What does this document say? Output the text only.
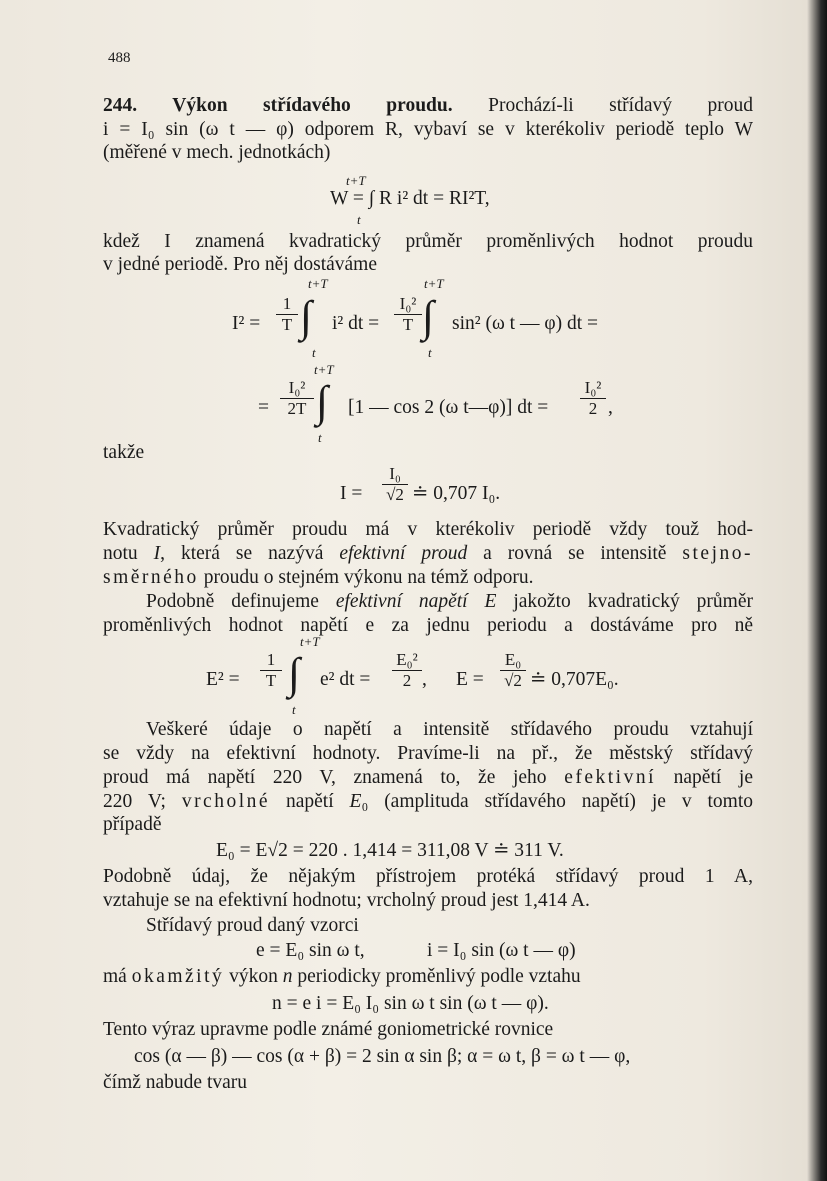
488
244. Výkon střídavého proudu. Prochází-li střídavý proud
i = I₀ sin (ω t — φ) odporem R, vybaví se v kterékoliv periodě teplo W
(měřené v mech. jednotkách)
t+T
W = ∫ R i² dt = RI²T,
t
kdež I znamená kvadratický průměr proměnlivých hodnot proudu
v jedné periodě. Pro něj dostáváme
t+T	t+T
$I^2 = \frac{1}{T}$ ∫ i² dt = $\frac{\text{I₀²}}{T}$ ∫ sin² (ω t — φ) dt =
t	t
t+T
= $\frac{\text{I₀²}}{2T}$ ∫ [1 — cos 2 (ω t—φ)] dt = $\frac{\text{I₀²}}{2}$ ,
t
takže
$I = \frac{\text{I₀}}{√2}$ ≐ 0,707 I₀.
Kvadratický průměr proudu má v kterékoliv periodě vždy touž hod-
notu I, která se nazývá efektivní proud a rovná se intensitě stejno-
směrného proudu o stejném výkonu na témž odporu.
Podobně definujeme efektivní napětí E jakožto kvadratický průměr
proměnlivých hodnot napětí e za jednu periodu a dostáváme pro ně
t+T
$E^2 = \frac{1}{T}$ ∫ e² dt = $\frac{\text{E₀²}}{2}$ , $E = \frac{\text{E₀}}{√2}$ ≐ 0,707E₀.
t
Veškeré údaje o napětí a intensitě střídavého proudu vztahují
se vždy na efektivní hodnoty. Pravíme-li na př., že městský střídavý
proud má napětí 220 V, znamená to, že jeho efektivní napětí je
220 V; vrcholné napětí E₀ (amplituda střídavého napětí) je v tomto
případě
E₀ = E√2 = 220 . 1,414 = 311,08 V ≐ 311 V.
Podobně údaj, že nějakým přístrojem protéká střídavý proud 1 A,
vztahuje se na efektivní hodnotu; vrcholný proud jest 1,414 A.
Střídavý proud daný vzorci
e = E₀ sin ω t,	i = I₀ sin (ω t — φ)
má okamžitý výkon n periodicky proměnlivý podle vztahu
n = e i = E₀ I₀ sin ω t sin (ω t — φ).
Tento výraz upravme podle známé goniometrické rovnice
cos (α — β) — cos (α + β) = 2 sin α sin β; α = ω t, β = ω t — φ,
čímž nabude tvaru
